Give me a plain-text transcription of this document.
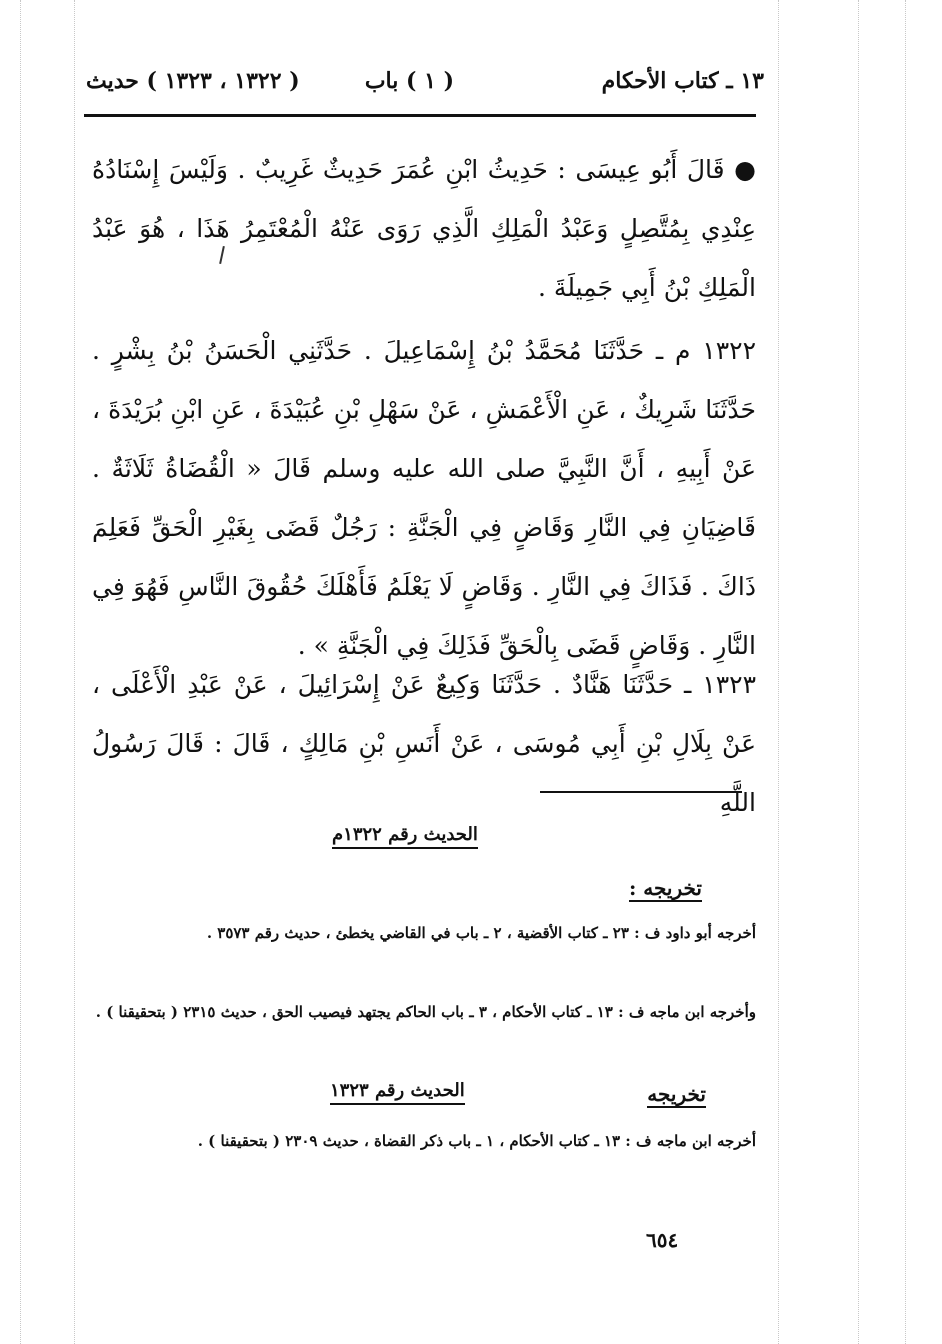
١٣ ـ كتاب الأحكام
( ١ ) باب
( ١٣٢٢ ، ١٣٢٣ ) حديث

● قَالَ أَبُو عِيسَى : حَدِيثُ ابْنِ عُمَرَ حَدِيثٌ غَرِيبٌ . وَلَيْسَ إِسْنَادُهُ عِنْدِي بِمُتَّصِلٍ وَعَبْدُ الْمَلِكِ الَّذِي رَوَى عَنْهُ الْمُعْتَمِرُ هَذَا ، هُوَ عَبْدُ الْمَلِكِ بْنُ أَبِي جَمِيلَةَ .

١٣٢٢ م ـ حَدَّثَنَا مُحَمَّدُ بْنُ إِسْمَاعِيلَ . حَدَّثَنِي الْحَسَنُ بْنُ بِشْرٍ . حَدَّثَنَا شَرِيكٌ ، عَنِ الْأَعْمَشِ ، عَنْ سَهْلِ بْنِ عُبَيْدَةَ ، عَنِ ابْنِ بُرَيْدَةَ ، عَنْ أَبِيهِ ، أَنَّ النَّبِيَّ صلى الله عليه وسلم قَالَ « الْقُضَاةُ ثَلَاثَةٌ . قَاضِيَانِ فِي النَّارِ وَقَاضٍ فِي الْجَنَّةِ : رَجُلٌ قَضَى بِغَيْرِ الْحَقِّ فَعَلِمَ ذَاكَ . فَذَاكَ فِي النَّارِ . وَقَاضٍ لَا يَعْلَمُ فَأَهْلَكَ حُقُوقَ النَّاسِ فَهُوَ فِي النَّارِ . وَقَاضٍ قَضَى بِالْحَقِّ فَذَلِكَ فِي الْجَنَّةِ » .

١٣٢٣ ـ حَدَّثَنَا هَنَّادٌ . حَدَّثَنَا وَكِيعٌ عَنْ إِسْرَائِيلَ ، عَنْ عَبْدِ الْأَعْلَى ، عَنْ بِلَالِ بْنِ أَبِي مُوسَى ، عَنْ أَنَسِ بْنِ مَالِكٍ ، قَالَ : قَالَ رَسُولُ اللَّهِ

الحديث رقم ١٣٢٢م
تخريجه :

أخرجه أبو داود ف : ٢٣ ـ كتاب الأقضية ، ٢ ـ باب في القاضي يخطئ ، حديث رقم ٣٥٧٣ .

وأخرجه ابن ماجه ف : ١٣ ـ كتاب الأحكام ، ٣ ـ باب الحاكم يجتهد فيصيب الحق ، حديث ٢٣١٥ ( بتحقيقنا ) .

تخريجه
الحديث رقم ١٣٢٣

أخرجه ابن ماجه ف : ١٣ ـ كتاب الأحكام ، ١ ـ باب ذكر القضاة ، حديث ٢٣٠٩ ( بتحقيقنا ) .

٦٥٤
